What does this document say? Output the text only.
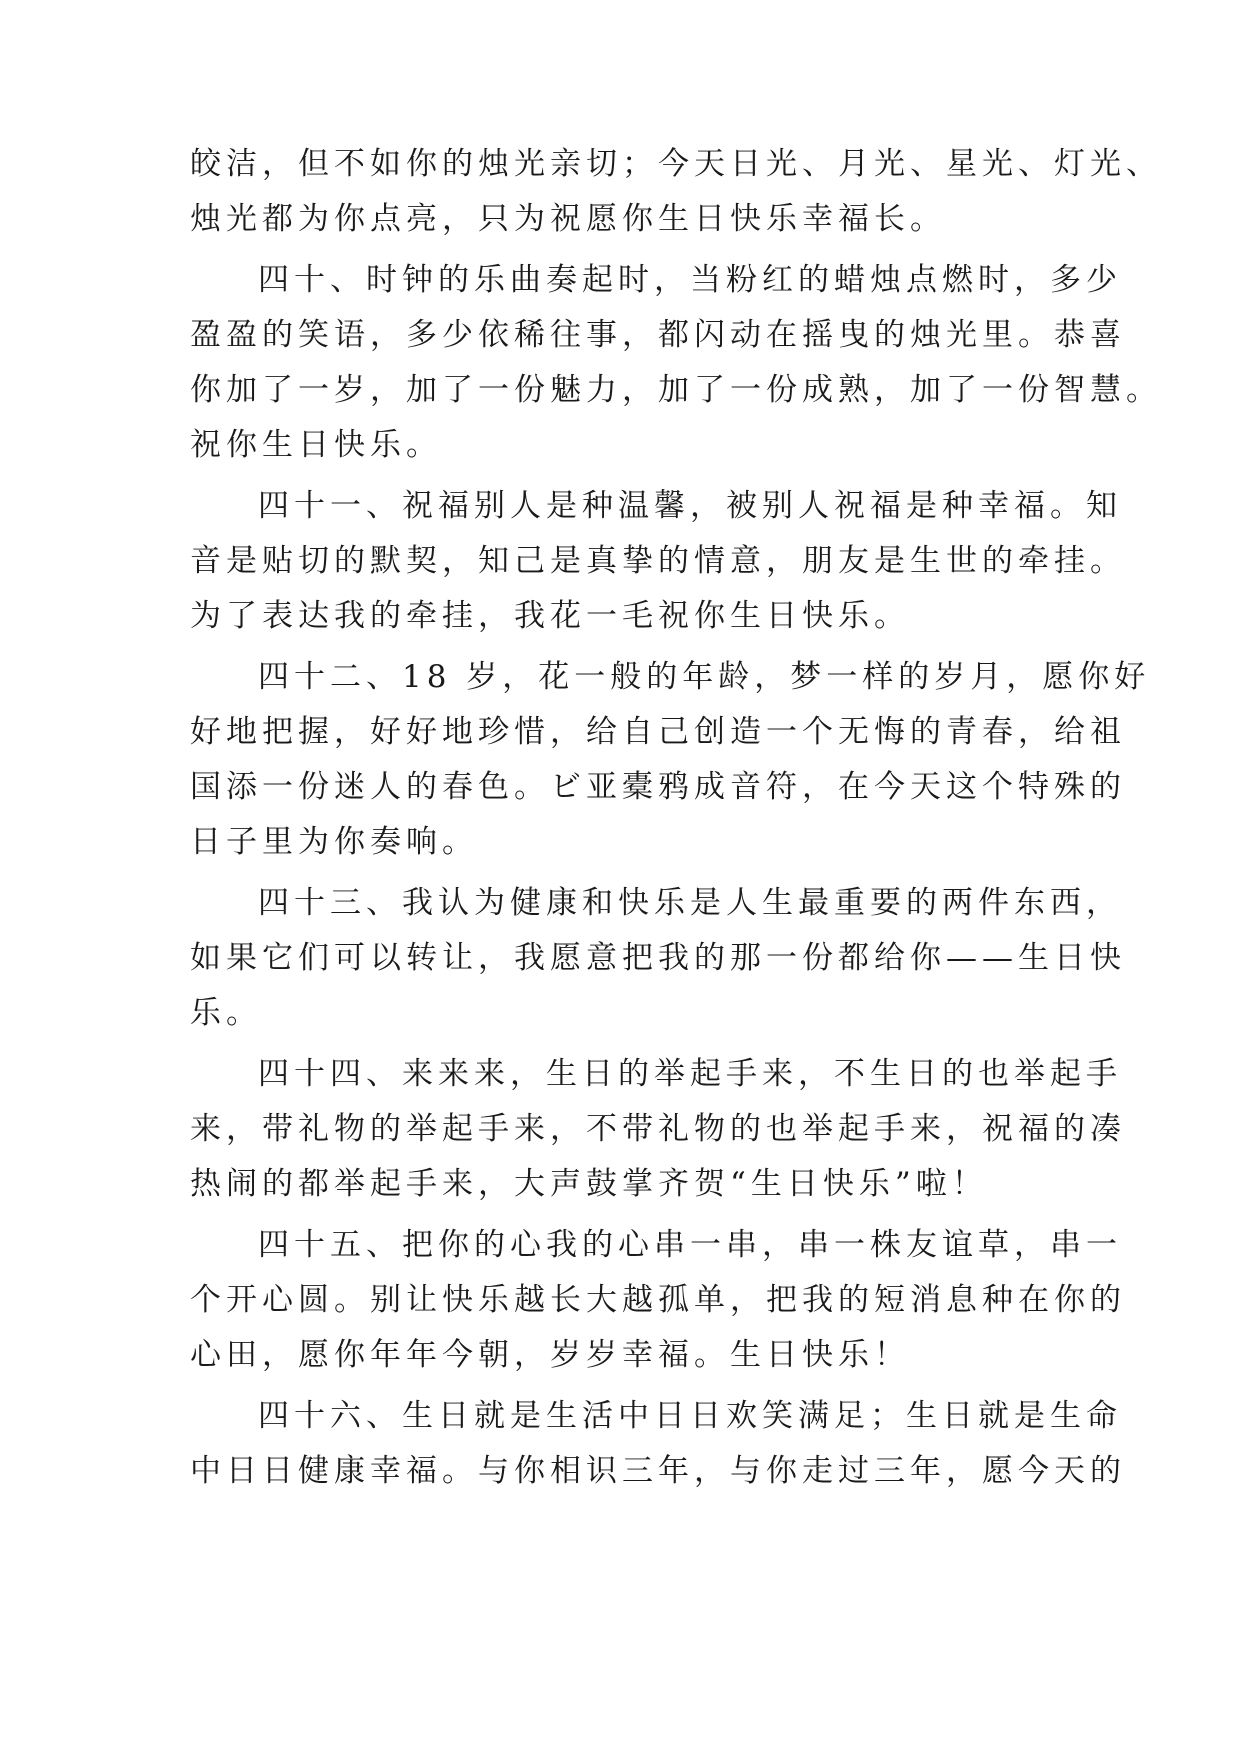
皎洁，但不如你的烛光亲切；今天日光、月光、星光、灯光、
烛光都为你点亮，只为祝愿你生日快乐幸福长。
四十、时钟的乐曲奏起时，当粉红的蜡烛点燃时，多少
盈盈的笑语，多少依稀往事，都闪动在摇曳的烛光里。恭喜
你加了一岁，加了一份魅力，加了一份成熟，加了一份智慧。
祝你生日快乐。
四十一、祝福别人是种温馨，被别人祝福是种幸福。知
音是贴切的默契，知己是真挚的情意，朋友是生世的牵挂。
为了表达我的牵挂，我花一毛祝你生日快乐。
四十二、18 岁，花一般的年龄，梦一样的岁月，愿你好
好地把握，好好地珍惜，给自己创造一个无悔的青春，给祖
国添一份迷人的春色。ビ亚橐鸦成音符，在今天这个特殊的
日子里为你奏响。
四十三、我认为健康和快乐是人生最重要的两件东西，
如果它们可以转让，我愿意把我的那一份都给你——生日快
乐。
四十四、来来来，生日的举起手来，不生日的也举起手
来，带礼物的举起手来，不带礼物的也举起手来，祝福的凑
热闹的都举起手来，大声鼓掌齐贺“生日快乐”啦！
四十五、把你的心我的心串一串，串一株友谊草，串一
个开心圆。别让快乐越长大越孤单，把我的短消息种在你的
心田，愿你年年今朝，岁岁幸福。生日快乐！
四十六、生日就是生活中日日欢笑满足；生日就是生命
中日日健康幸福。与你相识三年，与你走过三年，愿今天的
